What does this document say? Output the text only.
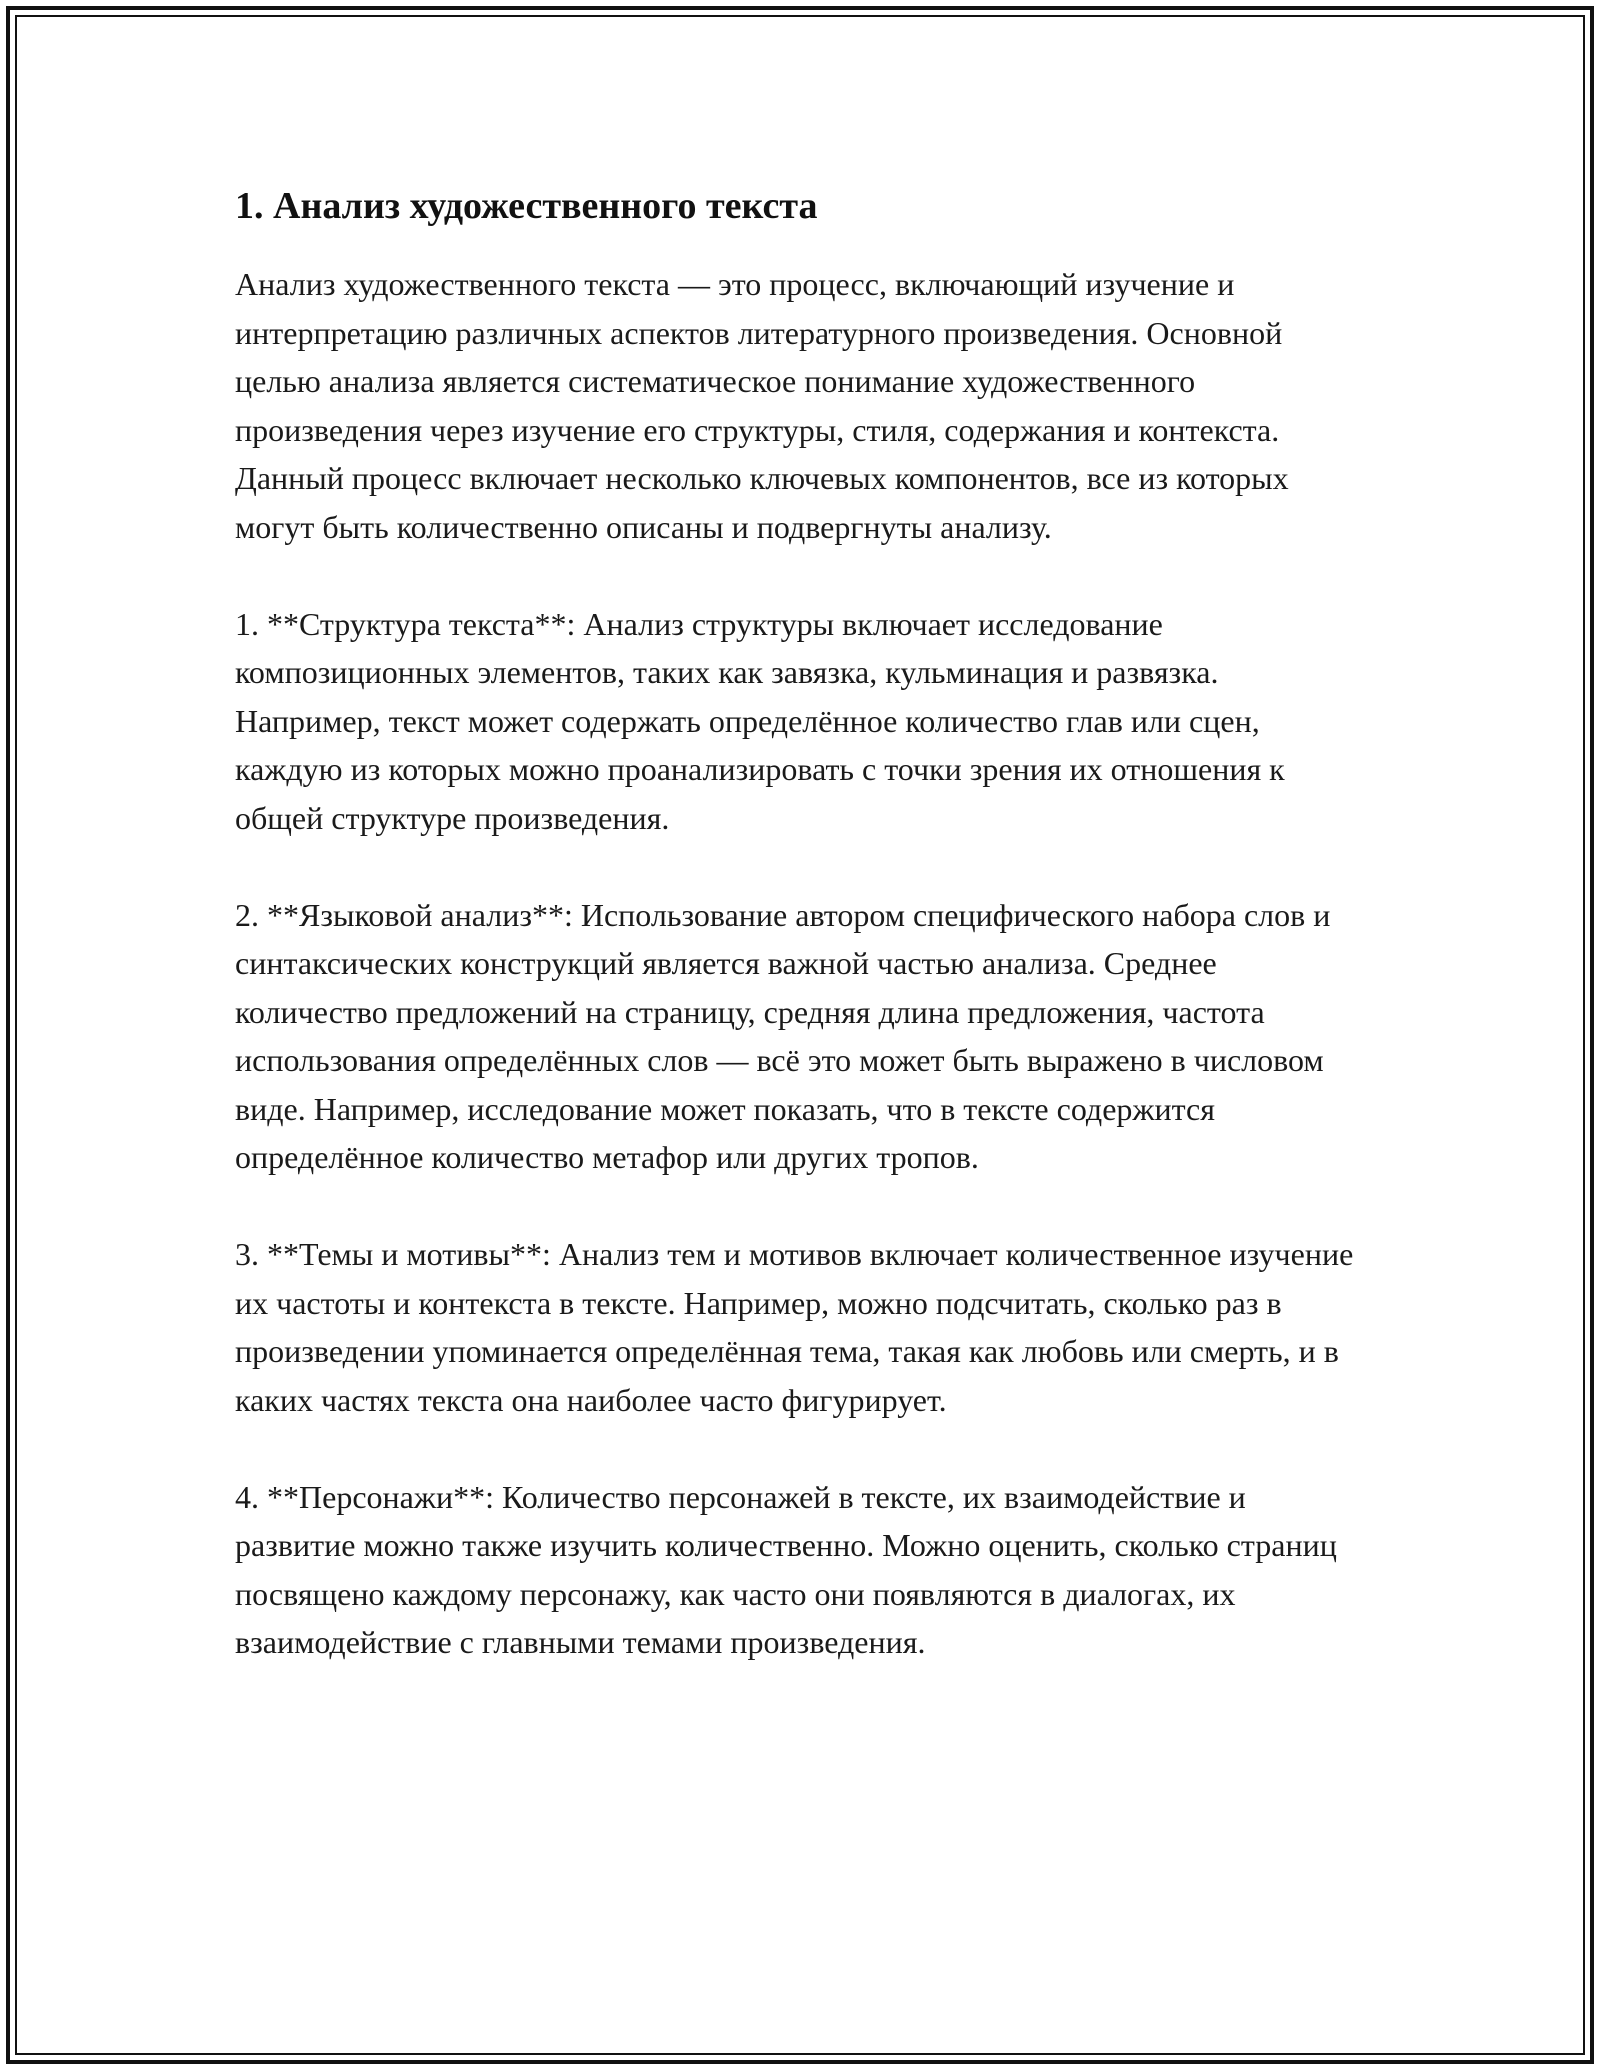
1. Анализ художественного текста

Анализ художественного текста — это процесс, включающий изучение и интерпретацию различных аспектов литературного произведения. Основной целью анализа является систематическое понимание художественного произведения через изучение его структуры, стиля, содержания и контекста. Данный процесс включает несколько ключевых компонентов, все из которых могут быть количественно описаны и подвергнуты анализу.

1. **Структура текста**: Анализ структуры включает исследование композиционных элементов, таких как завязка, кульминация и развязка. Например, текст может содержать определённое количество глав или сцен, каждую из которых можно проанализировать с точки зрения их отношения к общей структуре произведения.

2. **Языковой анализ**: Использование автором специфического набора слов и синтаксических конструкций является важной частью анализа. Среднее количество предложений на страницу, средняя длина предложения, частота использования определённых слов — всё это может быть выражено в числовом виде. Например, исследование может показать, что в тексте содержится определённое количество метафор или других тропов.

3. **Темы и мотивы**: Анализ тем и мотивов включает количественное изучение их частоты и контекста в тексте. Например, можно подсчитать, сколько раз в произведении упоминается определённая тема, такая как любовь или смерть, и в каких частях текста она наиболее часто фигурирует.

4. **Персонажи**: Количество персонажей в тексте, их взаимодействие и развитие можно также изучить количественно. Можно оценить, сколько страниц посвящено каждому персонажу, как часто они появляются в диалогах, их взаимодействие с главными темами произведения.
